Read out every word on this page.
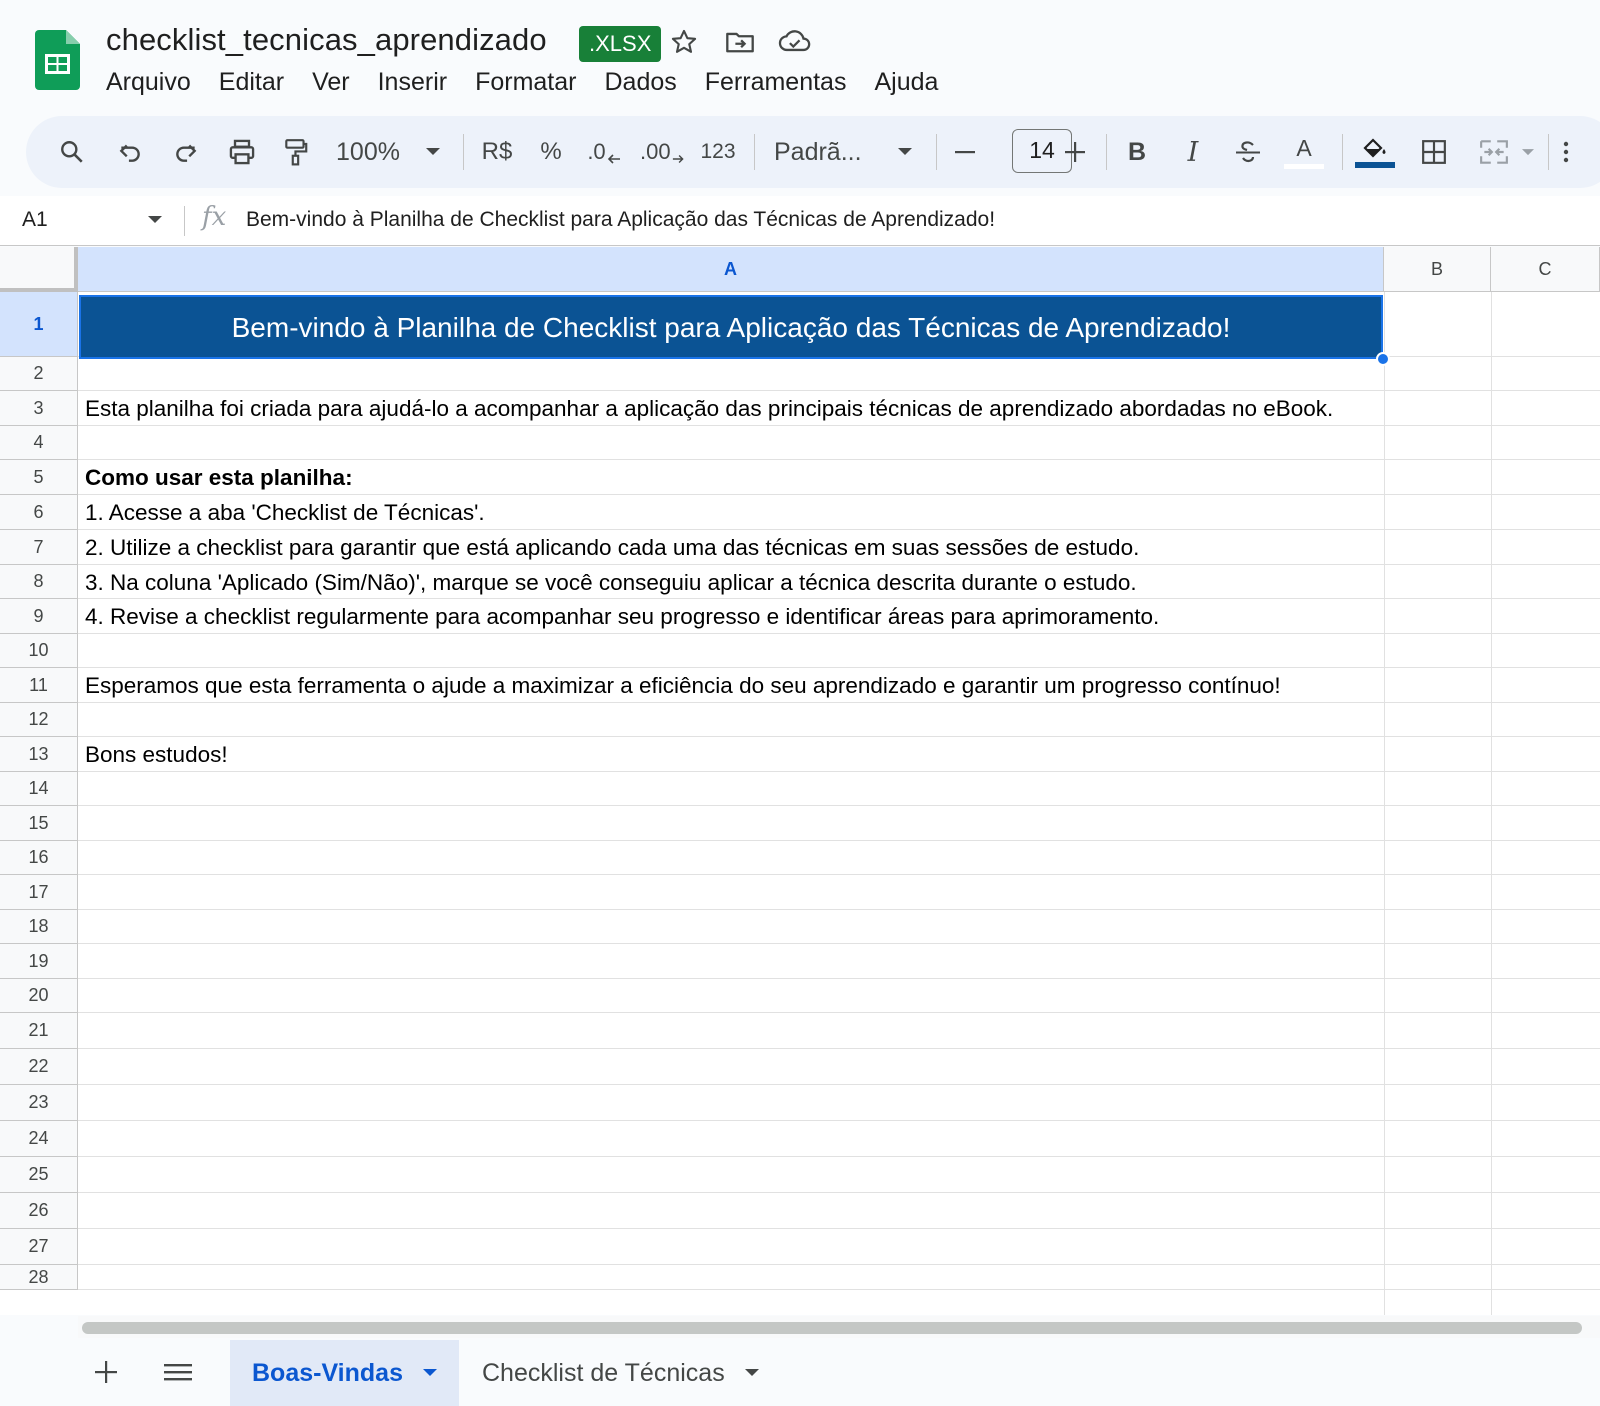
checklist_tecnicas_aprendizado	.XLSX
Arquivo	Editar	Ver	Inserir	Formatar	Dados	Ferramentas	Ajuda
100%	R$ % .0 .00 123 Padrã...	14	B I	A
A1	fx Bem-vindo à Planilha de Checklist para Aplicação das Técnicas de Aprendizado!
A	B	C
1
2
3
4
5
6
7
8
9
10
11
12
13
14
15
16
17
18
19
20
21
22
23
24
25
26
27
28
Bem-vindo à Planilha de Checklist para Aplicação das Técnicas de Aprendizado!
Esta planilha foi criada para ajudá-lo a acompanhar a aplicação das principais técnicas de aprendizado abordadas no eBook.
Como usar esta planilha:
1. Acesse a aba 'Checklist de Técnicas'.
2. Utilize a checklist para garantir que está aplicando cada uma das técnicas em suas sessões de estudo.
3. Na coluna 'Aplicado (Sim/Não)', marque se você conseguiu aplicar a técnica descrita durante o estudo.
4. Revise a checklist regularmente para acompanhar seu progresso e identificar áreas para aprimoramento.
Esperamos que esta ferramenta o ajude a maximizar a eficiência do seu aprendizado e garantir um progresso contínuo!
Bons estudos!
Boas-Vindas	Checklist de Técnicas
